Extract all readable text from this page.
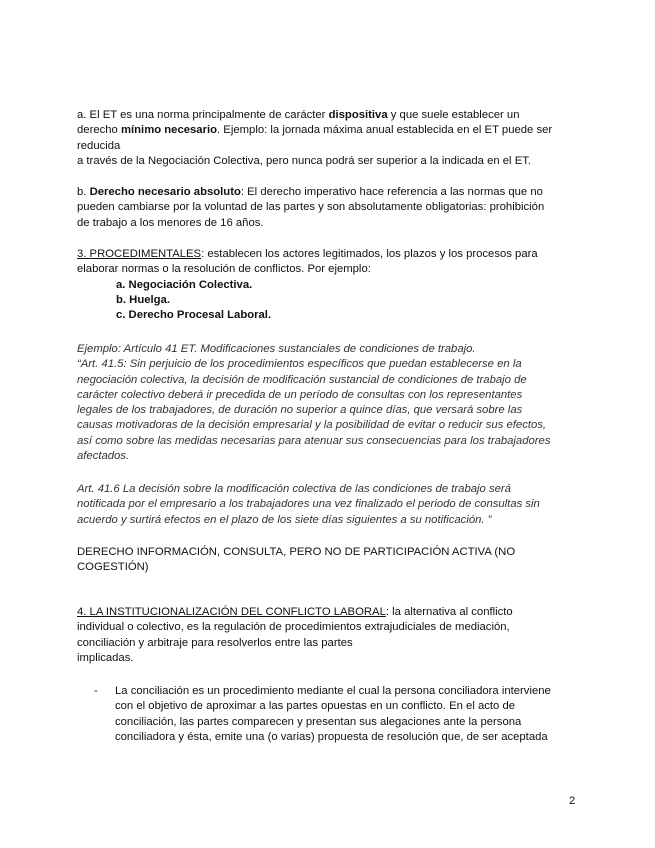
a. El ET es una norma principalmente de carácter dispositiva y que suele establecer un
derecho mínimo necesario. Ejemplo: la jornada máxima anual establecida en el ET puede ser
reducida
a través de la Negociación Colectiva, pero nunca podrá ser superior a la indicada en el ET.
b. Derecho necesario absoluto: El derecho imperativo hace referencia a las normas que no
pueden cambiarse por la voluntad de las partes y son absolutamente obligatorias: prohibición
de trabajo a los menores de 16 años.
3. PROCEDIMENTALES: establecen los actores legitimados, los plazos y los procesos para
elaborar normas o la resolución de conflictos. Por ejemplo:
a. Negociación Colectiva.
b. Huelga.
c. Derecho Procesal Laboral.
Ejemplo: Artículo 41 ET. Modificaciones sustanciales de condiciones de trabajo.
“Art. 41.5: Sin perjuicio de los procedimientos específicos que puedan establecerse en la
negociación colectiva, la decisión de modificación sustancial de condiciones de trabajo de
carácter colectivo deberá ir precedida de un período de consultas con los representantes
legales de los trabajadores, de duración no superior a quince días, que versará sobre las
causas motivadoras de la decisión empresarial y la posibilidad de evitar o reducir sus efectos,
así como sobre las medidas necesarias para atenuar sus consecuencias para los trabajadores
afectados.
Art. 41.6 La decisión sobre la modificación colectiva de las condiciones de trabajo será
notificada por el empresario a los trabajadores una vez finalizado el periodo de consultas sin
acuerdo y surtirá efectos en el plazo de los siete días siguientes a su notificación. ”
DERECHO INFORMACIÓN, CONSULTA, PERO NO DE PARTICIPACIÓN ACTIVA (NO
COGESTIÓN)
4. LA INSTITUCIONALIZACIÓN DEL CONFLICTO LABORAL: la alternativa al conflicto
individual o colectivo, es la regulación de procedimientos extrajudiciales de mediación,
conciliación y arbitraje para resolverlos entre las partes
implicadas.
- La conciliación es un procedimiento mediante el cual la persona conciliadora interviene
con el objetivo de aproximar a las partes opuestas en un conflicto. En el acto de
conciliación, las partes comparecen y presentan sus alegaciones ante la persona
conciliadora y ésta, emite una (o varias) propuesta de resolución que, de ser aceptada
2
